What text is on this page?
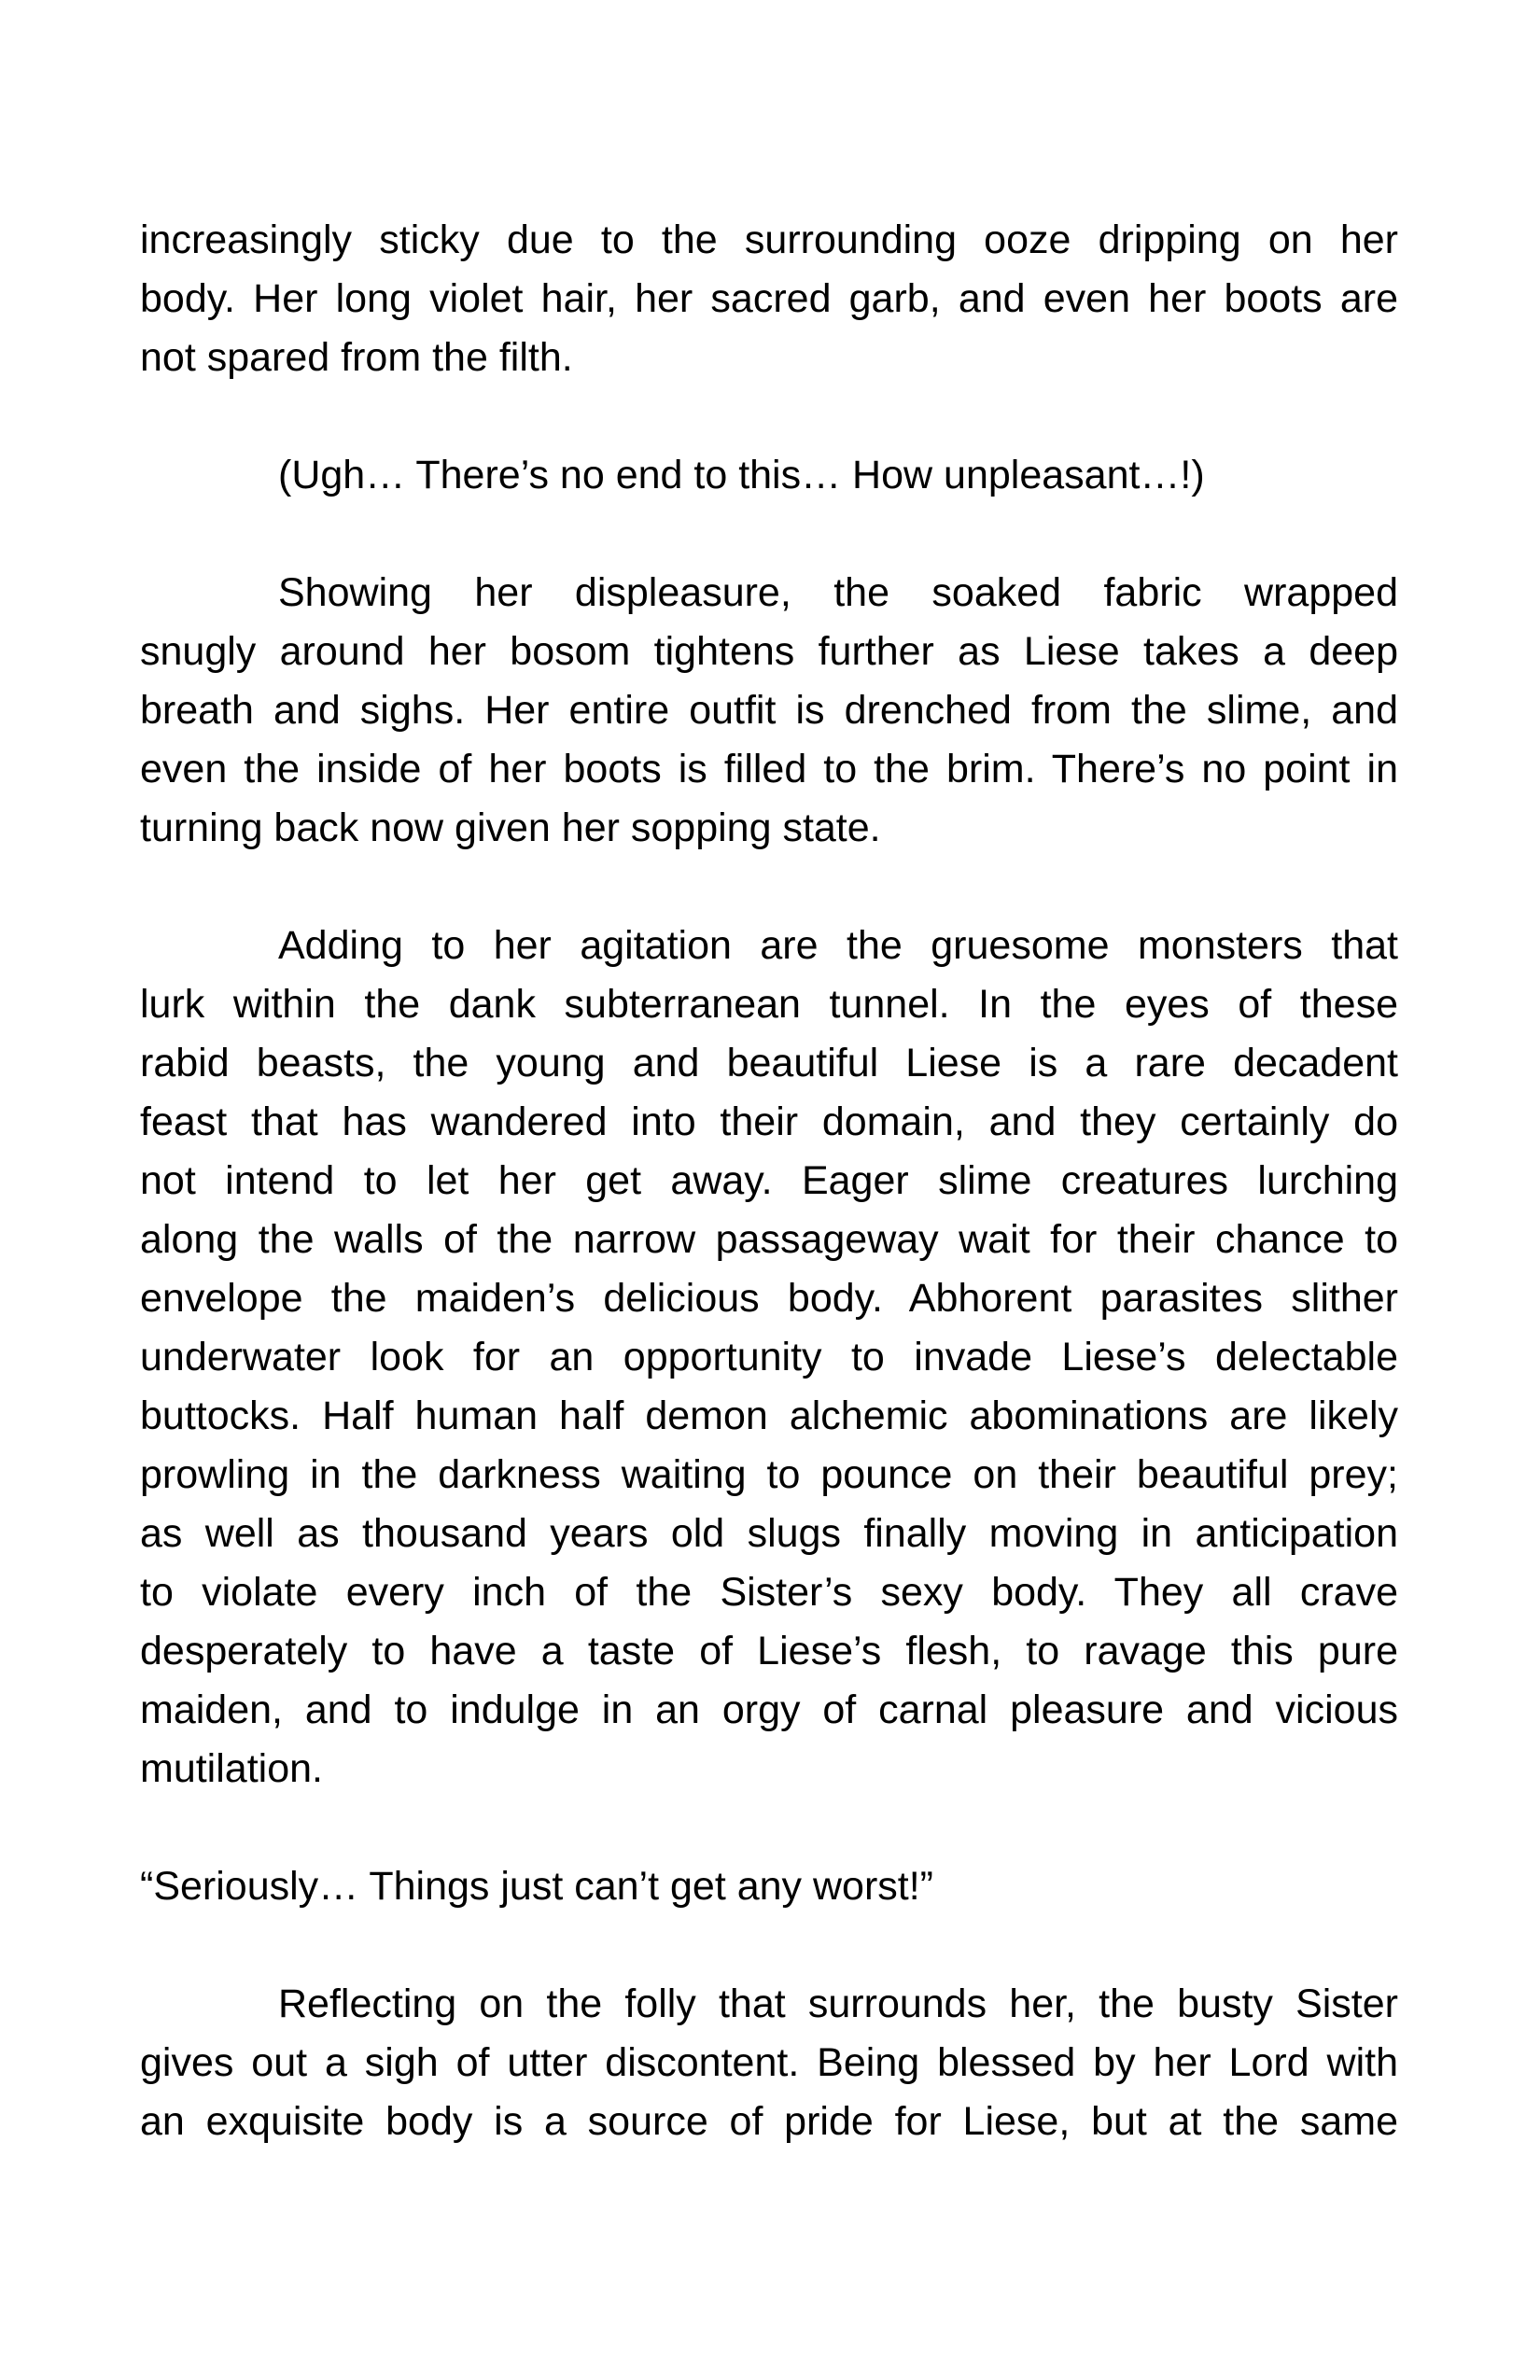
increasingly sticky due to the surrounding ooze dripping on her
body. Her long violet hair, her sacred garb, and even her boots are
not spared from the filth.
(Ugh… There’s no end to this… How unpleasant…!)
Showing her displeasure, the soaked fabric wrapped
snugly around her bosom tightens further as Liese takes a deep
breath and sighs. Her entire outfit is drenched from the slime, and
even the inside of her boots is filled to the brim. There’s no point in
turning back now given her sopping state.
Adding to her agitation are the gruesome monsters that
lurk within the dank subterranean tunnel. In the eyes of these
rabid beasts, the young and beautiful Liese is a rare decadent
feast that has wandered into their domain, and they certainly do
not intend to let her get away. Eager slime creatures lurching
along the walls of the narrow passageway wait for their chance to
envelope the maiden’s delicious body. Abhorent parasites slither
underwater look for an opportunity to invade Liese’s delectable
buttocks. Half human half demon alchemic abominations are likely
prowling in the darkness waiting to pounce on their beautiful prey;
as well as thousand years old slugs finally moving in anticipation
to violate every inch of the Sister’s sexy body. They all crave
desperately to have a taste of Liese’s flesh, to ravage this pure
maiden, and to indulge in an orgy of carnal pleasure and vicious
mutilation.
“Seriously… Things just can’t get any worst!”
Reflecting on the folly that surrounds her, the busty Sister
gives out a sigh of utter discontent. Being blessed by her Lord with
an exquisite body is a source of pride for Liese, but at the same
